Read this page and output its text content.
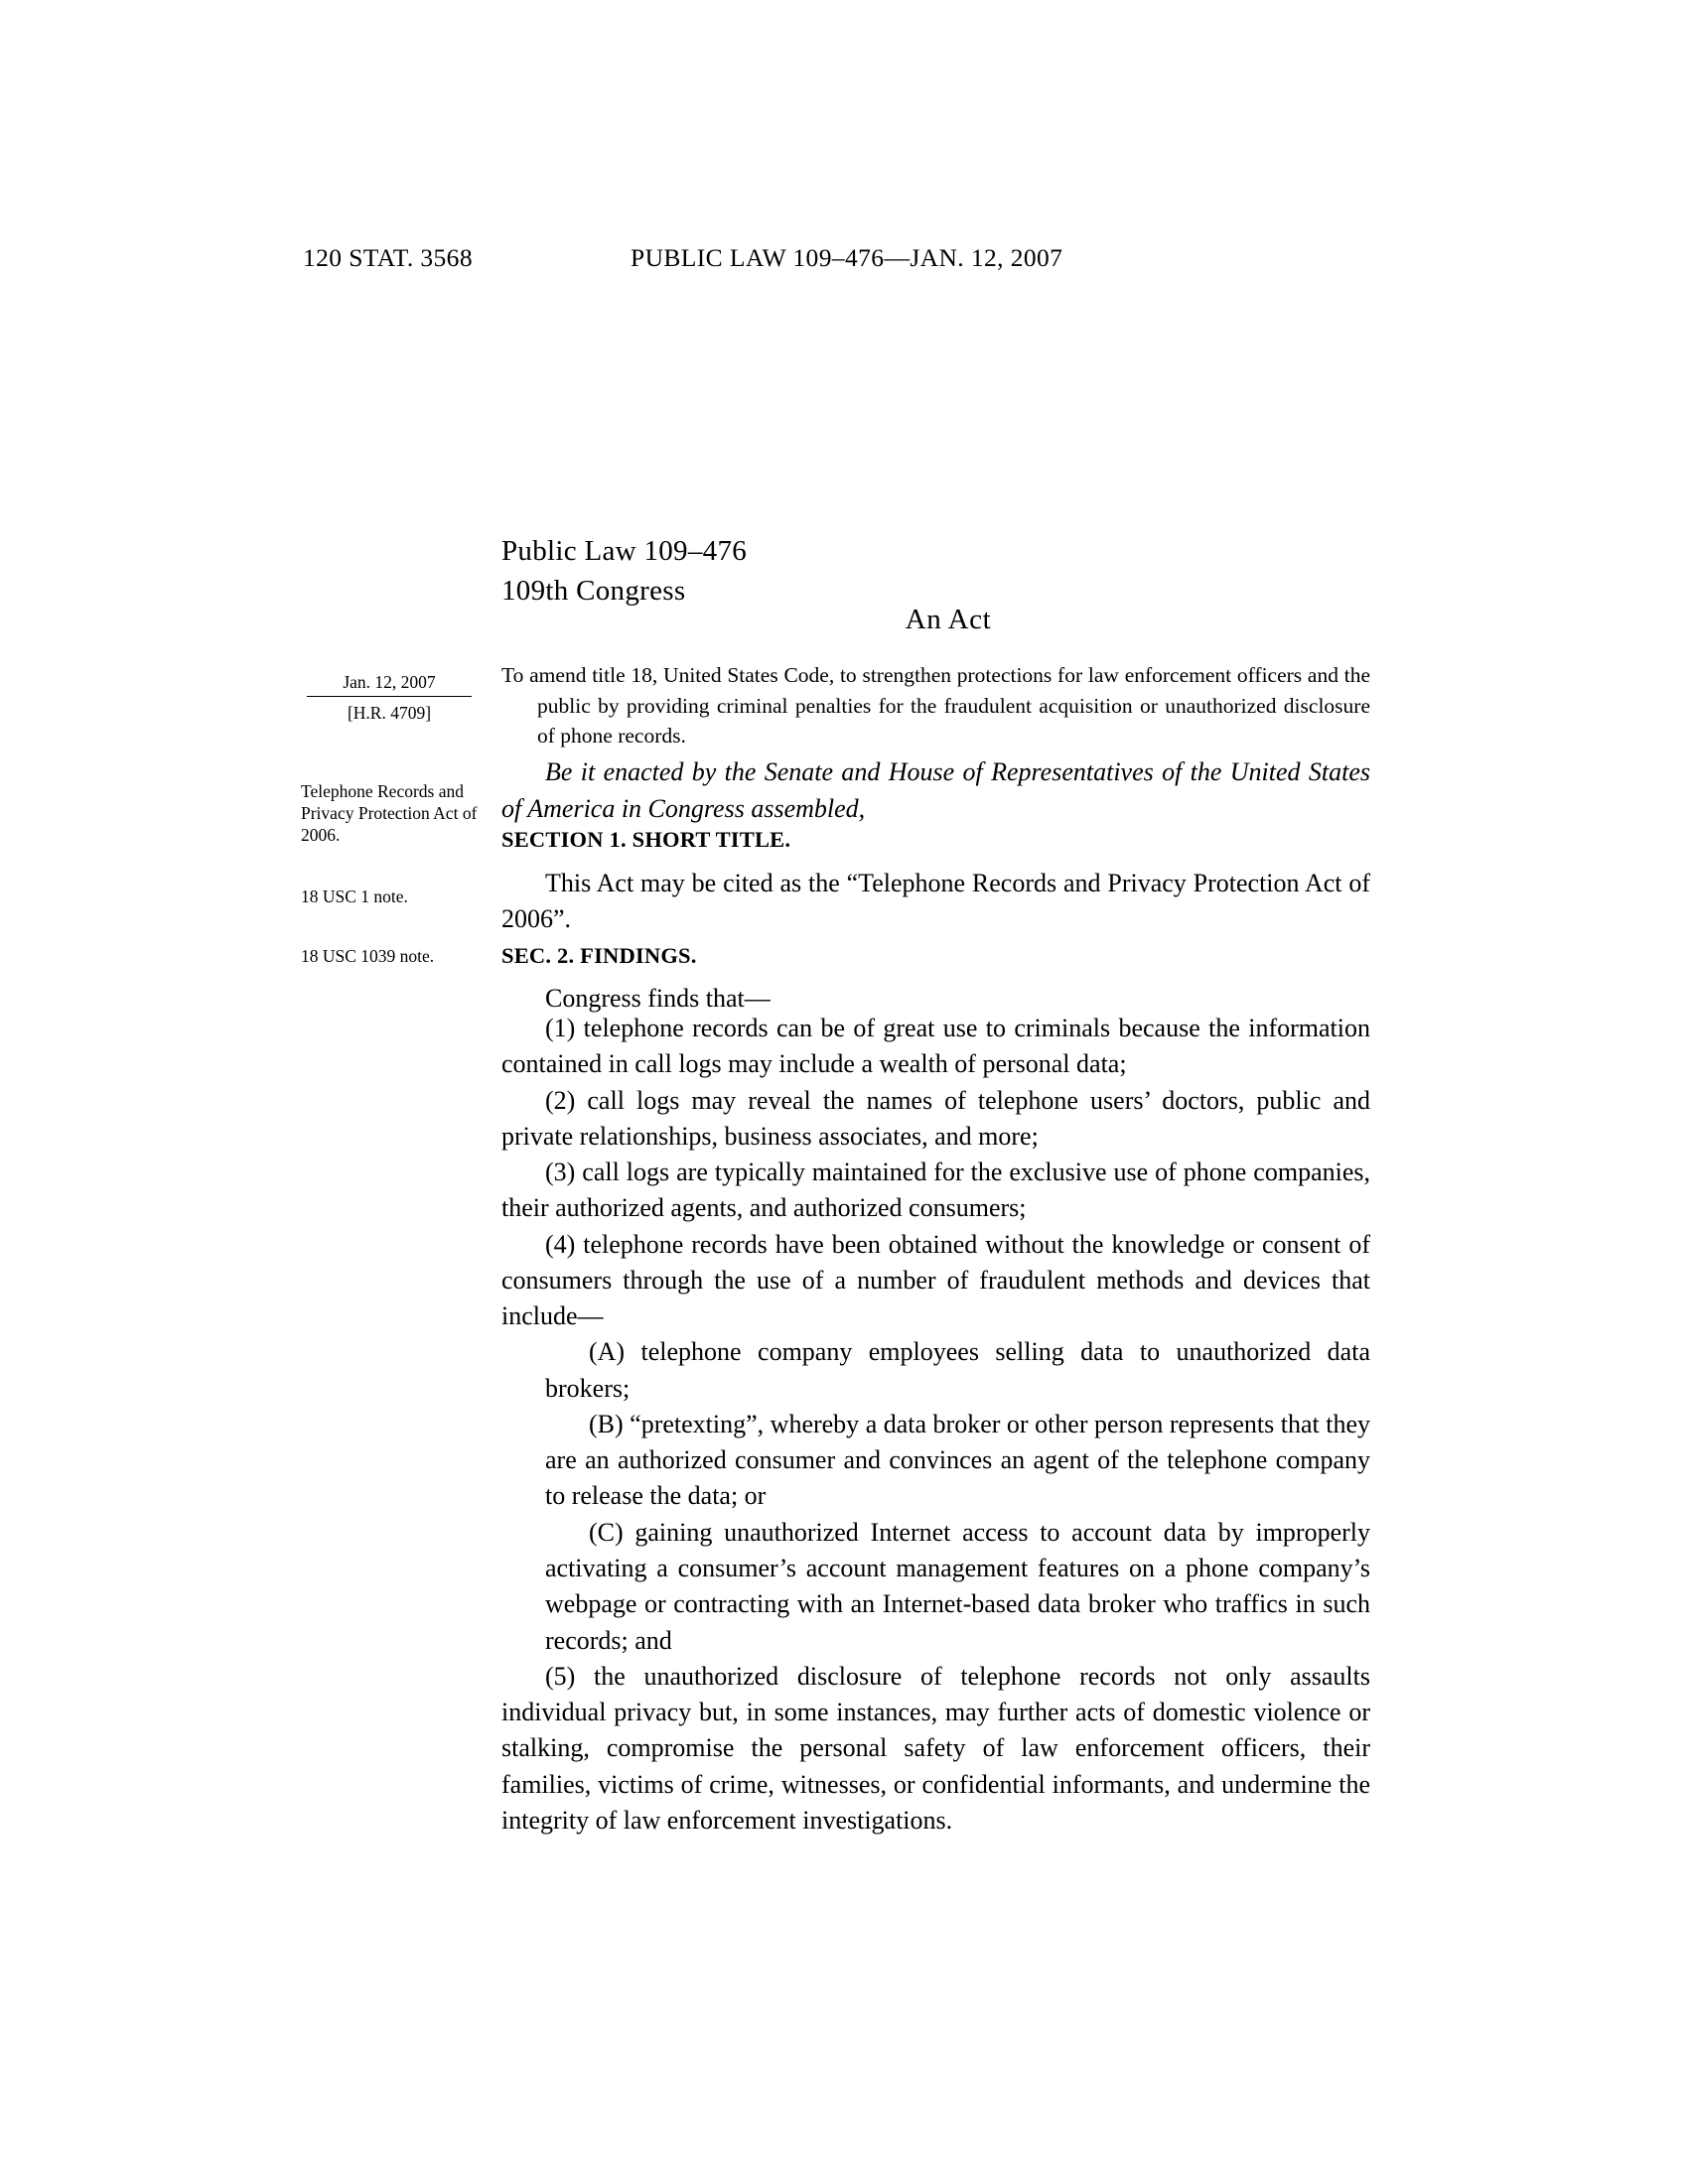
120 STAT. 3568	PUBLIC LAW 109–476—JAN. 12, 2007
Public Law 109–476
109th Congress
An Act
Jan. 12, 2007
[H.R. 4709]
Telephone Records and Privacy Protection Act of 2006.
18 USC 1 note.
18 USC 1039 note.

To amend title 18, United States Code, to strengthen protections for law enforcement officers and the public by providing criminal penalties for the fraudulent acquisition or unauthorized disclosure of phone records.

Be it enacted by the Senate and House of Representatives of the United States of America in Congress assembled,
SECTION 1. SHORT TITLE.
This Act may be cited as the “Telephone Records and Privacy Protection Act of 2006”.
SEC. 2. FINDINGS.
Congress finds that—

(1) telephone records can be of great use to criminals because the information contained in call logs may include a wealth of personal data;

(2) call logs may reveal the names of telephone users’ doctors, public and private relationships, business associates, and more;

(3) call logs are typically maintained for the exclusive use of phone companies, their authorized agents, and authorized consumers;

(4) telephone records have been obtained without the knowledge or consent of consumers through the use of a number of fraudulent methods and devices that include—

(A) telephone company employees selling data to unauthorized data brokers;

(B) “pretexting”, whereby a data broker or other person represents that they are an authorized consumer and convinces an agent of the telephone company to release the data; or

(C) gaining unauthorized Internet access to account data by improperly activating a consumer’s account management features on a phone company’s webpage or contracting with an Internet-based data broker who traffics in such records; and

(5) the unauthorized disclosure of telephone records not only assaults individual privacy but, in some instances, may further acts of domestic violence or stalking, compromise the personal safety of law enforcement officers, their families, victims of crime, witnesses, or confidential informants, and undermine the integrity of law enforcement investigations.
